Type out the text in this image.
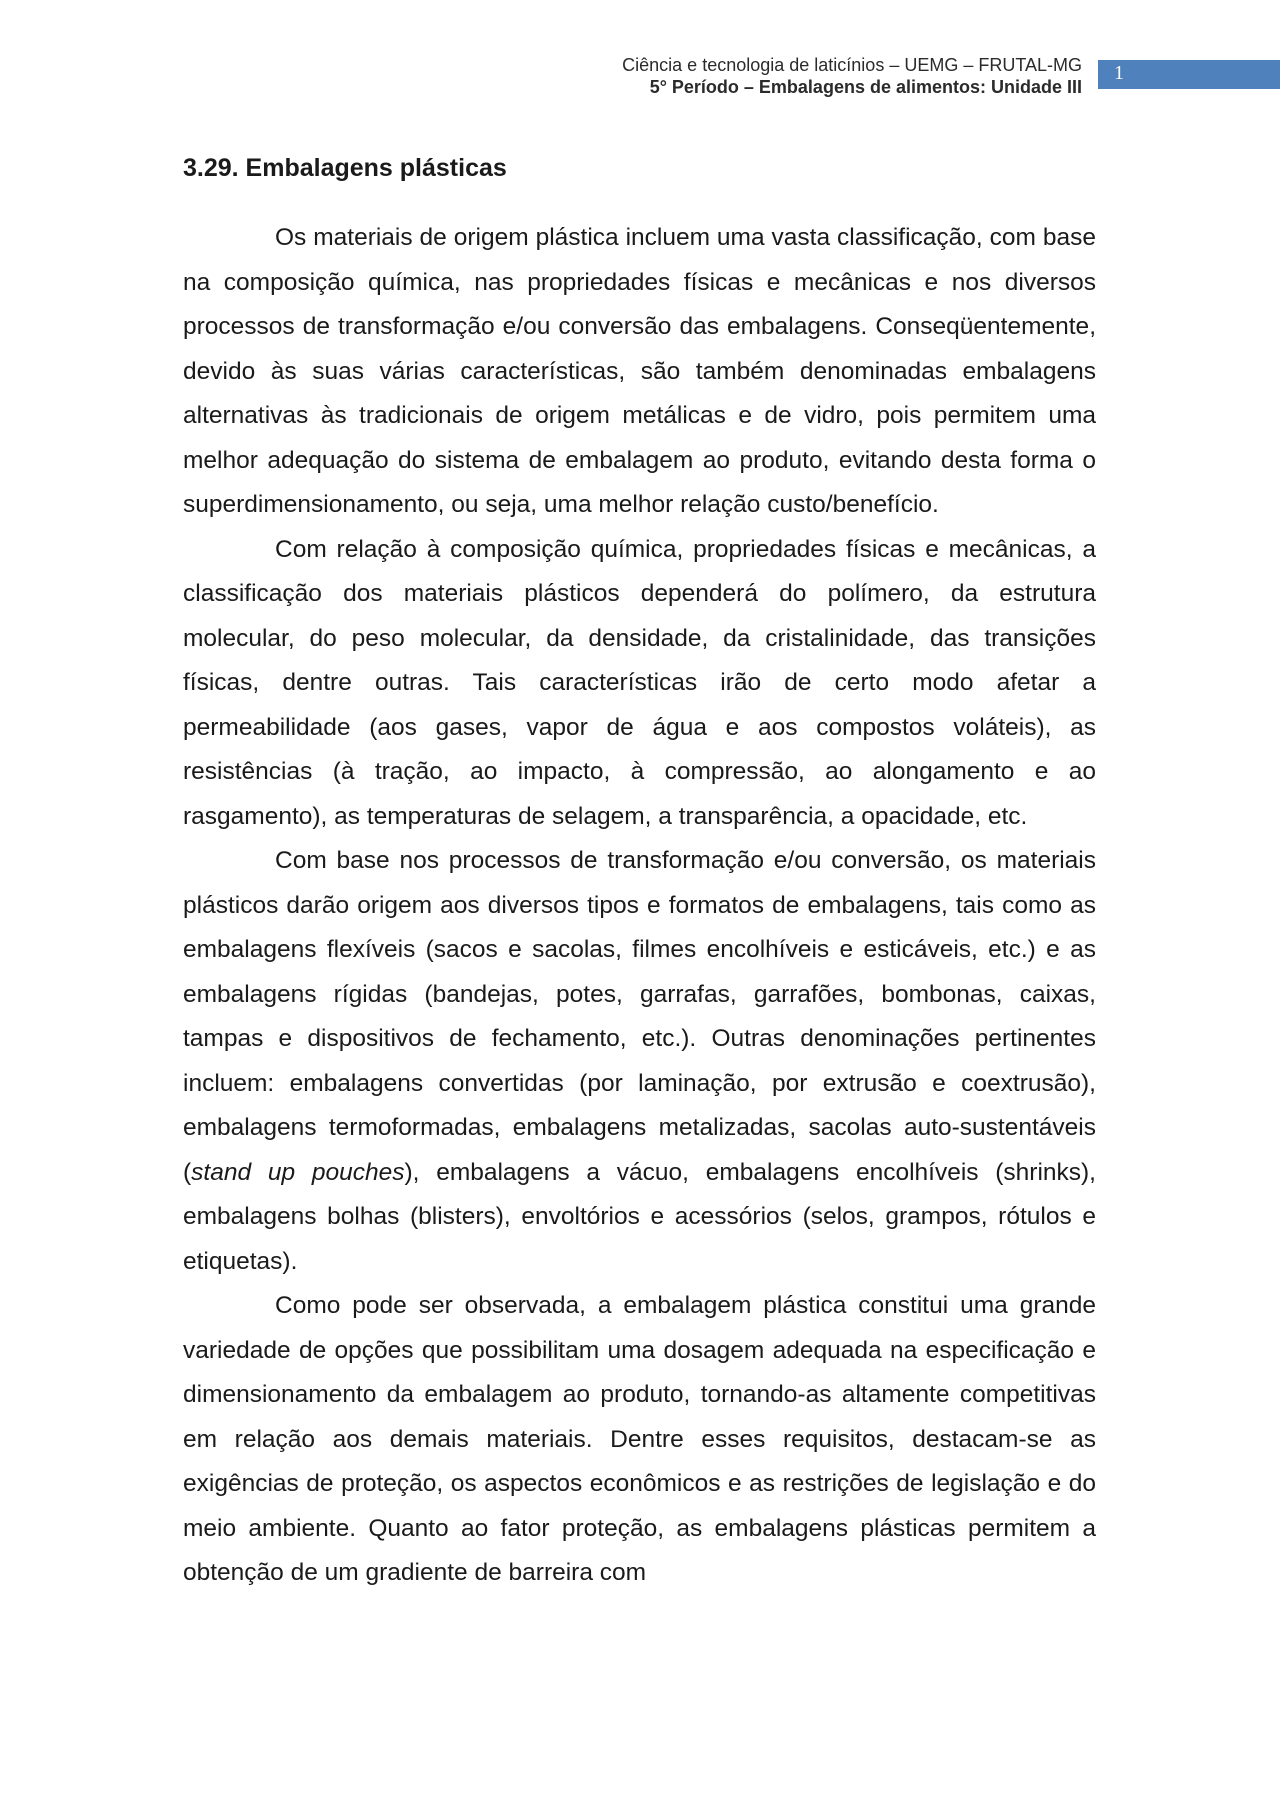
Ciência e tecnologia de laticínios – UEMG – FRUTAL-MG
5° Período – Embalagens de alimentos: Unidade III
1
3.29. Embalagens plásticas

Os materiais de origem plástica incluem uma vasta classificação, com base na composição química, nas propriedades físicas e mecânicas e nos diversos processos de transformação e/ou conversão das embalagens. Conseqüentemente, devido às suas várias características, são também denominadas embalagens alternativas às tradicionais de origem metálicas e de vidro, pois permitem uma melhor adequação do sistema de embalagem ao produto, evitando desta forma o superdimensionamento, ou seja, uma melhor relação custo/benefício.

Com relação à composição química, propriedades físicas e mecânicas, a classificação dos materiais plásticos dependerá do polímero, da estrutura molecular, do peso molecular, da densidade, da cristalinidade, das transições físicas, dentre outras. Tais características irão de certo modo afetar a permeabilidade (aos gases, vapor de água e aos compostos voláteis), as resistências (à tração, ao impacto, à compressão, ao alongamento e ao rasgamento), as temperaturas de selagem, a transparência, a opacidade, etc.

Com base nos processos de transformação e/ou conversão, os materiais plásticos darão origem aos diversos tipos e formatos de embalagens, tais como as embalagens flexíveis (sacos e sacolas, filmes encolhíveis e esticáveis, etc.) e as embalagens rígidas (bandejas, potes, garrafas, garrafões, bombonas, caixas, tampas e dispositivos de fechamento, etc.). Outras denominações pertinentes incluem: embalagens convertidas (por laminação, por extrusão e coextrusão), embalagens termoformadas, embalagens metalizadas, sacolas auto-sustentáveis (stand up pouches), embalagens a vácuo, embalagens encolhíveis (shrinks), embalagens bolhas (blisters), envoltórios e acessórios (selos, grampos, rótulos e etiquetas).

Como pode ser observada, a embalagem plástica constitui uma grande variedade de opções que possibilitam uma dosagem adequada na especificação e dimensionamento da embalagem ao produto, tornando-as altamente competitivas em relação aos demais materiais. Dentre esses requisitos, destacam-se as exigências de proteção, os aspectos econômicos e as restrições de legislação e do meio ambiente. Quanto ao fator proteção, as embalagens plásticas permitem a obtenção de um gradiente de barreira com
